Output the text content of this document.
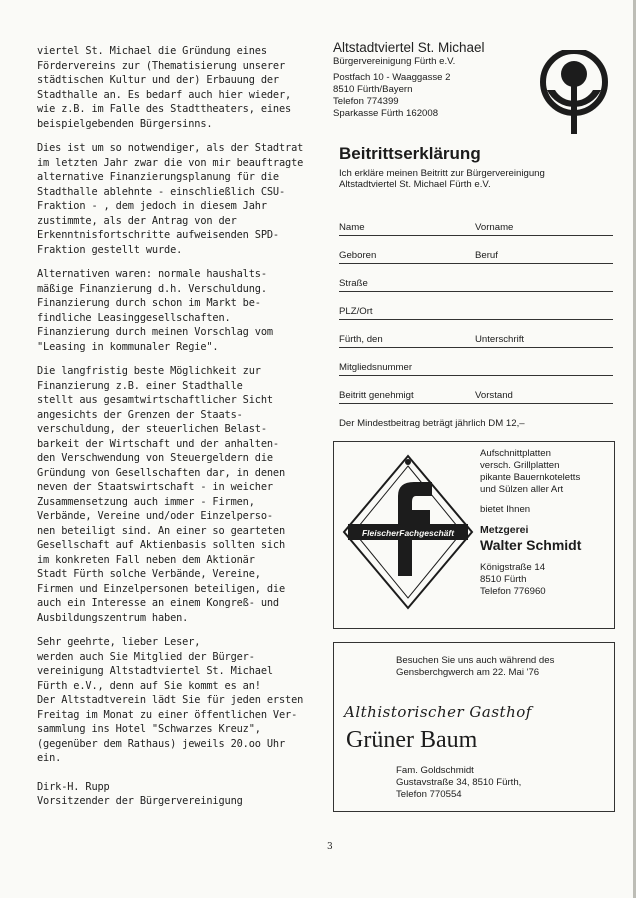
viertel St. Michael die Gründung eines
Fördervereins zur (Thematisierung unserer
städtischen Kultur und der) Erbauung der
Stadthalle an. Es bedarf auch hier wieder,
wie z.B. im Falle des Stadttheaters, eines
beispielgebenden Bürgersinns.

Dies ist um so notwendiger, als der Stadtrat
im letzten Jahr zwar die von mir beauftragte
alternative Finanzierungsplanung für die
Stadthalle ablehnte - einschließlich CSU-
Fraktion - , dem jedoch in diesem Jahr
zustimmte, als der Antrag von der
Erkenntnisfortschritte aufweisenden SPD-
Fraktion gestellt wurde.

Alternativen waren: normale haushalts-
mäßige Finanzierung d.h. Verschuldung.
Finanzierung durch schon im Markt be-
findliche Leasinggesellschaften.
Finanzierung durch meinen Vorschlag vom
"Leasing in kommunaler Regie".

Die langfristig beste Möglichkeit zur
Finanzierung z.B. einer Stadthalle
stellt aus gesamtwirtschaftlicher Sicht
angesichts der Grenzen der Staats-
verschuldung, der steuerlichen Belast-
barkeit der Wirtschaft und der anhalten-
den Verschwendung von Steuergeldern die
Gründung von Gesellschaften dar, in denen
neven der Staatswirtschaft - in weicher
Zusammensetzung auch immer - Firmen,
Verbände, Vereine und/oder Einzelperso-
nen beteiligt sind. An einer so gearteten
Gesellschaft auf Aktienbasis sollten sich
im konkreten Fall neben dem Aktionär
Stadt Fürth solche Verbände, Vereine,
Firmen und Einzelpersonen beteiligen, die
auch ein Interesse an einem Kongreß- und
Ausbildungszentrum haben.

Sehr geehrte, lieber Leser,
werden auch Sie Mitglied der Bürger-
vereinigung Altstadtviertel St. Michael
Fürth e.V., denn auf Sie kommt es an!
Der Altstadtverein lädt Sie für jeden ersten
Freitag im Monat zu einer öffentlichen Ver-
sammlung ins Hotel "Schwarzes Kreuz",
(gegenüber dem Rathaus) jeweils 20.oo Uhr
ein.

Dirk-H. Rupp
Vorsitzender der Bürgervereinigung

Altstadtviertel St. Michael

Bürgervereinigung Fürth e.V.

Postfach 10 - Waaggasse 2

8510 Fürth/Bayern

Telefon 774399

Sparkasse Fürth 162008

Beitrittserklärung
Ich erkläre meinen Beitritt zur Bürgervereinigung
Altstadtviertel St. Michael Fürth e.V.
Name	Vorname
Geboren	Beruf
Straße
PLZ/Ort
Fürth, den	Unterschrift
Mitgliedsnummer
Beitritt genehmigt	Vorstand
Der Mindestbeitrag beträgt jährlich DM 12,–
FleischerFachgeschäft
Aufschnittplatten
versch. Grillplatten
pikante Bauernkoteletts
und Sülzen aller Art
bietet Ihnen
Metzgerei
Walter Schmidt
Königstraße 14
8510 Fürth
Telefon 776960
Besuchen Sie uns auch während des
Gensberchgwerch am 22. Mai '76
Althistorischer Gasthof
Grüner Baum
Fam. Goldschmidt
Gustavstraße 34, 8510 Fürth,
Telefon 770554
3
